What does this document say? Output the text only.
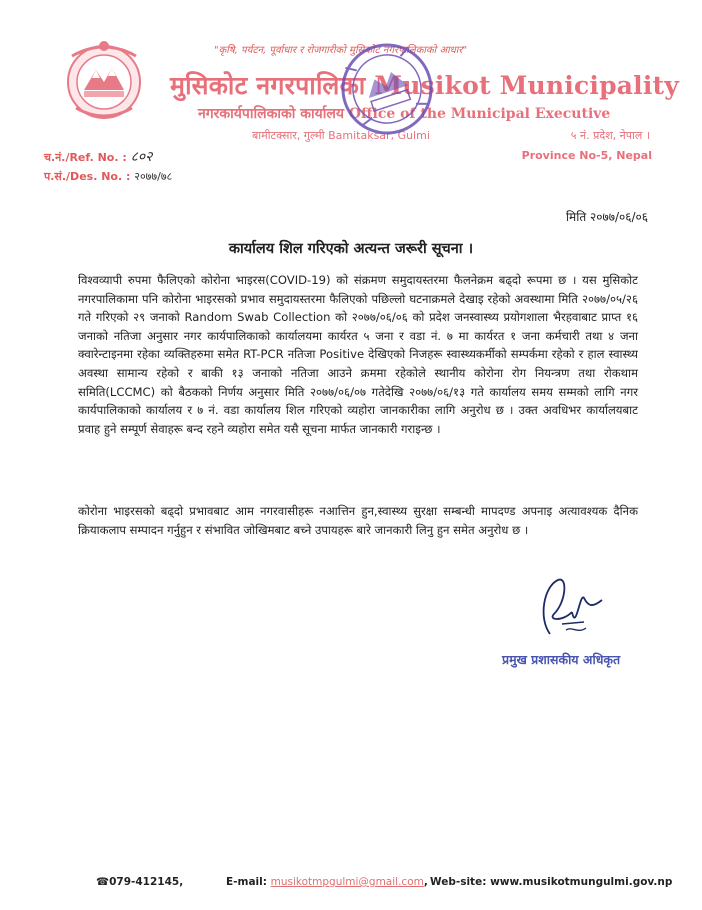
"कृषि, पर्यटन, पूर्वाधार र रोजगारीको मुसिकोट नगरपालिकाको आधार"
मुसिकोट नगरपालिका Musikot Municipality
नगरकार्यपालिकाको कार्यालय Office of the Municipal Executive
बामीटक्सार, गुल्मी Bamitaksar, Gulmi	५ नं. प्रदेश, नेपाल ।
Province No-5, Nepal
च.नं./Ref. No. : ८०२
प.सं./Des. No. : २०७७/७८
मिति २०७७/०६/०६
कार्यालय शिल गरिएको अत्यन्त जरूरी सूचना ।

विश्वव्यापी रुपमा फैलिएको कोरोना भाइरस(COVID-19) को संक्रमण समुदायस्तरमा फैलनेक्रम बढ्दो रूपमा छ । यस मुसिकोट नगरपालिकामा पनि कोरोना भाइरसको प्रभाव समुदायस्तरमा फैलिएको पछिल्लो घटनाक्रमले देखाइ रहेको अवस्थामा मिति २०७७/०५/२६ गते गरिएको २९ जनाको Random Swab Collection को २०७७/०६/०६ को प्रदेश जनस्वास्थ्य प्रयोगशाला भैरहवाबाट प्राप्त १६ जनाको नतिजा अनुसार नगर कार्यपालिकाको कार्यालयमा कार्यरत ५ जना र वडा नं. ७ मा कार्यरत १ जना कर्मचारी तथा ४ जना क्वारेन्टाइनमा रहेका व्यक्तिहरुमा समेत RT-PCR नतिजा Positive देखिएको निजहरू स्वास्थ्यकर्मीको सम्पर्कमा रहेको र हाल स्वास्थ्य अवस्था सामान्य रहेको र बाकी १३ जनाको नतिजा आउने क्रममा रहेकोले स्थानीय कोरोना रोग नियन्त्रण तथा रोकथाम समिति(LCCMC) को बैठकको निर्णय अनुसार मिति २०७७/०६/०७ गतेदेखि २०७७/०६/१३ गते कार्यालय समय सम्मको लागि नगर कार्यपालिकाको कार्यालय र ७ नं. वडा कार्यालय शिल गरिएको व्यहोरा जानकारीका लागि अनुरोध छ । उक्त अवधिभर कार्यालयबाट प्रवाह हुने सम्पूर्ण सेवाहरू बन्द रहने व्यहोरा समेत यसै सूचना मार्फत जानकारी गराइन्छ ।

कोरोना भाइरसको बढ्दो प्रभावबाट आम नगरवासीहरू नआत्तिन हुन,स्वास्थ्य सुरक्षा सम्बन्धी मापदण्ड अपनाइ अत्यावश्यक दैनिक क्रियाकलाप सम्पादन गर्नुहुन र संभावित जोखिमबाट बच्ने उपायहरू बारे जानकारी लिनु हुन समेत अनुरोध छ ।

प्रमुख प्रशासकीय अधिकृत
☎079-412145,	E-mail: musikotmpgulmi@gmail.com, Web-site: www.musikotmungulmi.gov.np
